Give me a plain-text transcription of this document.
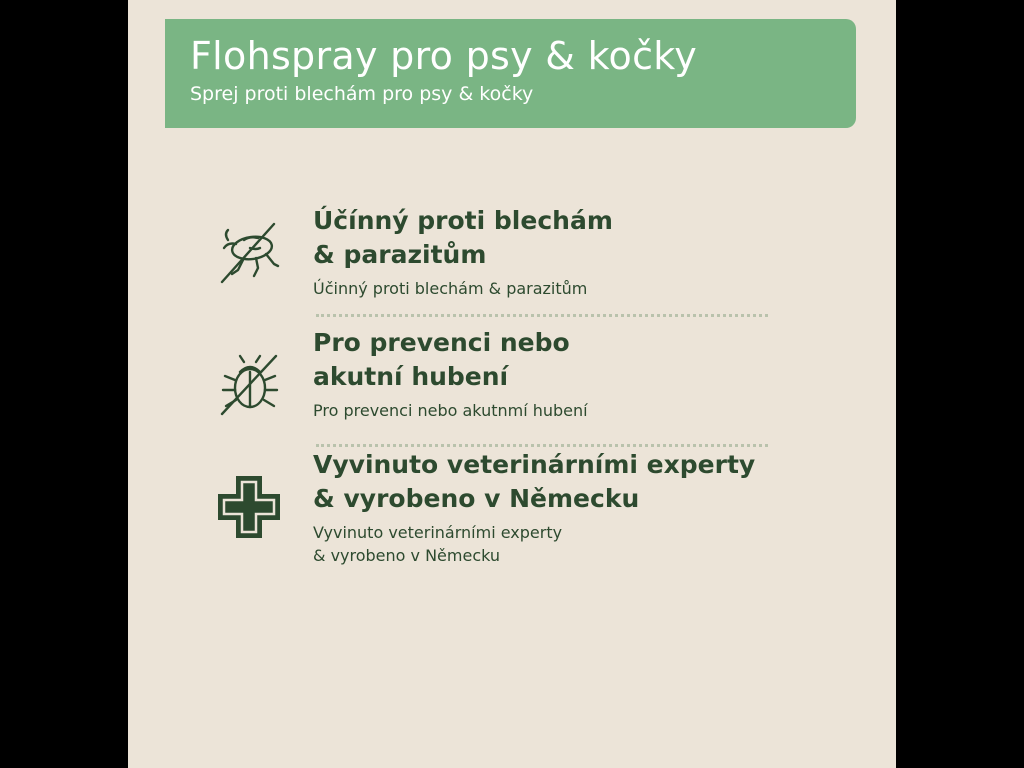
Flohspray pro psy & kočky

Sprej proti blechám pro psy & kočky

Účínný proti blechám
& parazitům

Účinný proti blechám & parazitům

Pro prevenci nebo
akutní hubení

Pro prevenci nebo akutnmí hubení

Vyvinuto veterinárními experty
& vyrobeno v Německu

Vyvinuto veterinárními experty
& vyrobeno v Německu
